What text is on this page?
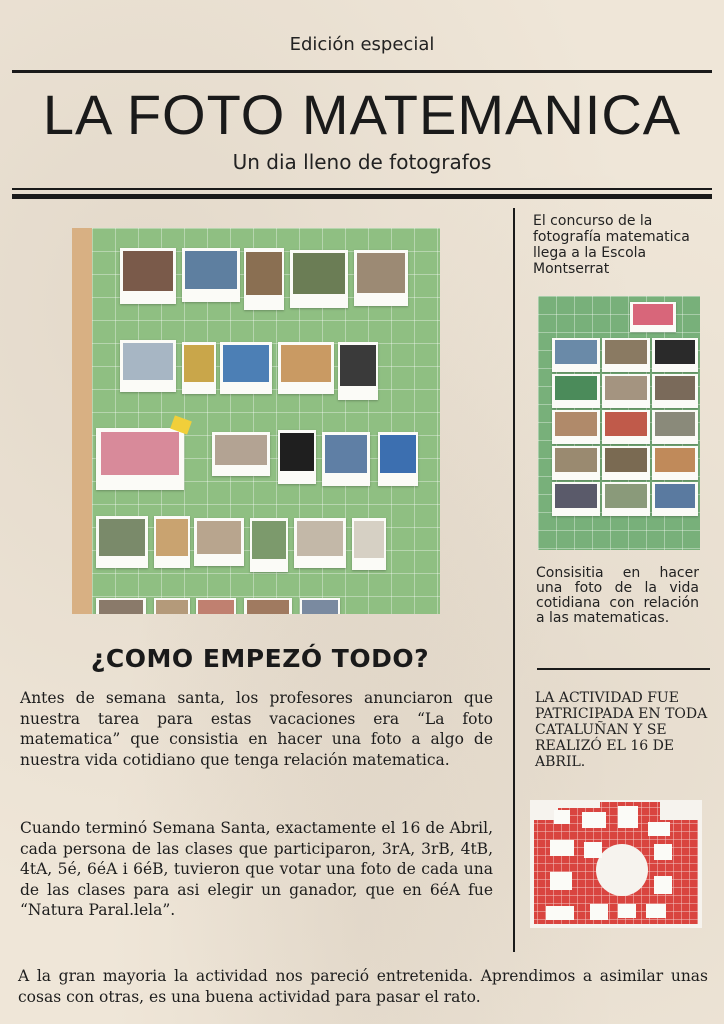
Edición especial
LA FOTO MATEMANICA
Un dia lleno de fotografos
El concurso de la fotografía matematica llega a la Escola Montserrat
Consisitia en hacer una foto de la vida cotidiana con relación a las matematicas.
LA ACTIVIDAD FUE PATRICIPADA EN TODA CATALUÑAN Y SE REALIZÓ EL 16 DE ABRIL.
¿COMO EMPEZÓ TODO?
Antes de semana santa, los profesores anunciaron que nuestra tarea para estas vacaciones era “La foto matematica” que consistia en hacer una foto a algo de nuestra vida cotidiano que tenga relación matematica.
Cuando terminó Semana Santa, exactamente el 16 de Abril, cada persona de las clases que participaron, 3rA, 3rB, 4tB, 4tA, 5é, 6éA i 6éB, tuvieron que votar una foto de cada una de las clases para asi elegir un ganador, que en 6éA fue “Natura Paral.lela”.
A la gran mayoria la actividad nos pareció entretenida. Aprendimos a asimilar unas cosas con otras, es una buena actividad para pasar el rato.
